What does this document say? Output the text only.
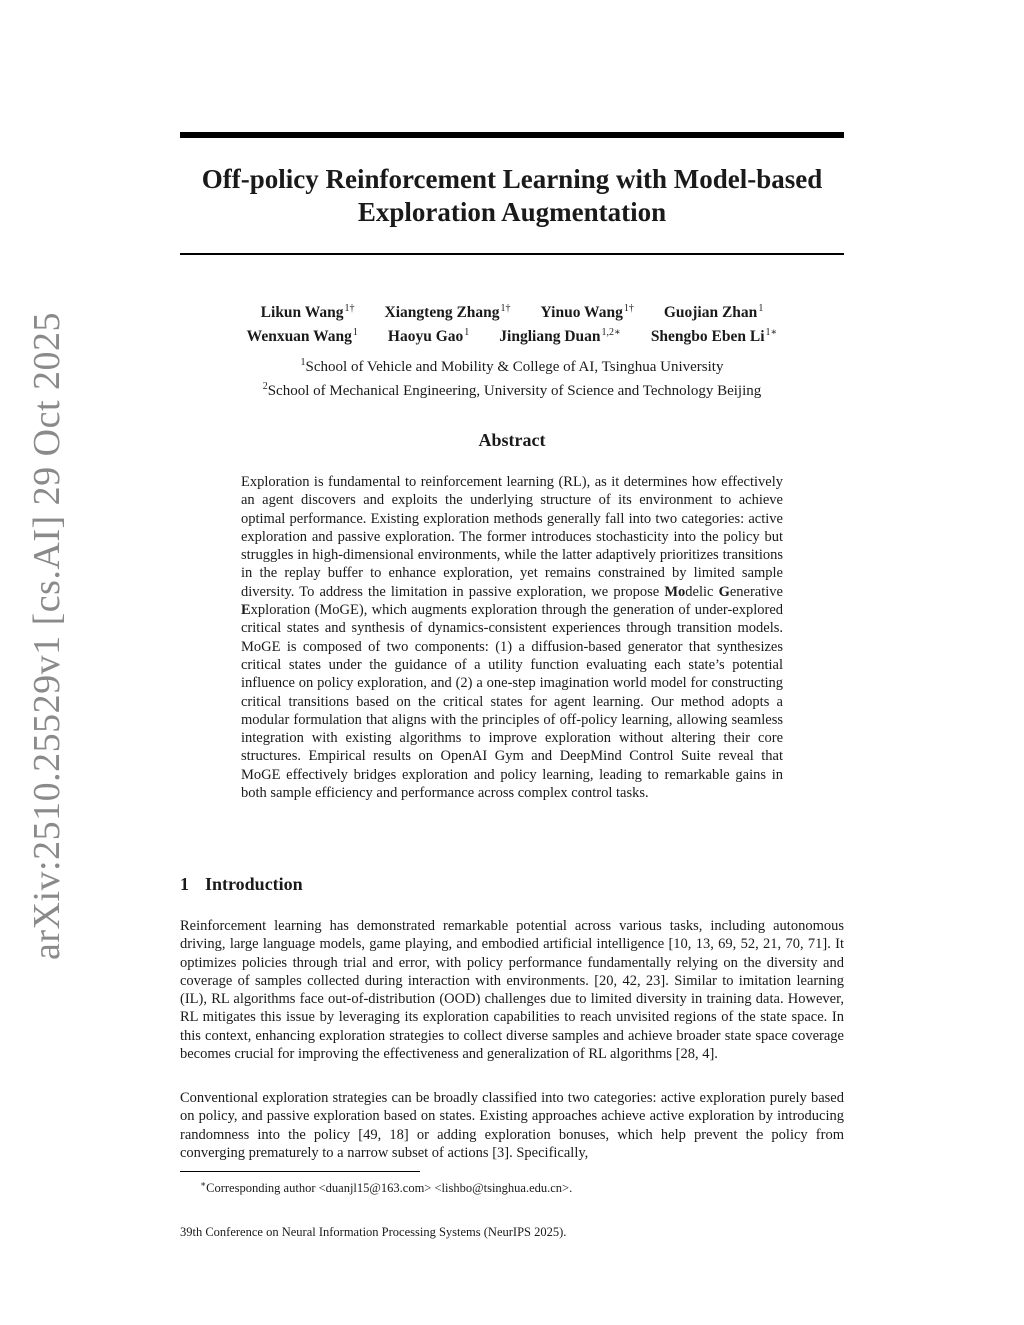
arXiv:2510.25529v1 [cs.AI] 29 Oct 2025
Off-policy Reinforcement Learning with Model-based
Exploration Augmentation
Likun Wang$^{1\dagger}$ Xiangteng Zhang$^{1\dagger}$ Yinuo Wang$^{1\dagger}$ Guojian Zhan$^1$
Wenxuan Wang$^1$ Haoyu Gao$^1$ Jingliang Duan$^{1,2∗}$ Shengbo Eben $Li^{1∗}$
$^1$School of Vehicle and Mobility & College of AI, Tsinghua University
$^2$School of Mechanical Engineering, University of Science and Technology Beijing
Abstract

Exploration is fundamental to reinforcement learning (RL), as it determines how effectively an agent discovers and exploits the underlying structure of its environment to achieve optimal performance. Existing exploration methods generally fall into two categories: active exploration and passive exploration. The former introduces stochasticity into the policy but struggles in high-dimensional environments, while the latter adaptively prioritizes transitions in the replay buffer to enhance exploration, yet remains constrained by limited sample diversity. To address the limitation in passive exploration, we propose Modelic Generative Exploration (MoGE), which augments exploration through the generation of under-explored critical states and synthesis of dynamics-consistent experiences through transition models. MoGE is composed of two components: (1) a diffusion-based generator that synthesizes critical states under the guidance of a utility function evaluating each state’s potential influence on policy exploration, and (2) a one-step imagination world model for constructing critical transitions based on the critical states for agent learning. Our method adopts a modular formulation that aligns with the principles of off-policy learning, allowing seamless integration with existing algorithms to improve exploration without altering their core structures. Empirical results on OpenAI Gym and DeepMind Control Suite reveal that MoGE effectively bridges exploration and policy learning, leading to remarkable gains in both sample efficiency and performance across complex control tasks.

1 Introduction

Reinforcement learning has demonstrated remarkable potential across various tasks, including autonomous driving, large language models, game playing, and embodied artificial intelligence [10, 13, 69, 52, 21, 70, 71]. It optimizes policies through trial and error, with policy performance fundamentally relying on the diversity and coverage of samples collected during interaction with environments. [20, 42, 23]. Similar to imitation learning (IL), RL algorithms face out-of-distribution (OOD) challenges due to limited diversity in training data. However, RL mitigates this issue by leveraging its exploration capabilities to reach unvisited regions of the state space. In this context, enhancing exploration strategies to collect diverse samples and achieve broader state space coverage becomes crucial for improving the effectiveness and generalization of RL algorithms [28, 4].

Conventional exploration strategies can be broadly classified into two categories: active exploration purely based on policy, and passive exploration based on states. Existing approaches achieve active exploration by introducing randomness into the policy [49, 18] or adding exploration bonuses, which help prevent the policy from converging prematurely to a narrow subset of actions [3]. Specifically,

∗Corresponding author <duanjl15@163.com> <lishbo@tsinghua.edu.cn>.

39th Conference on Neural Information Processing Systems (NeurIPS 2025).
